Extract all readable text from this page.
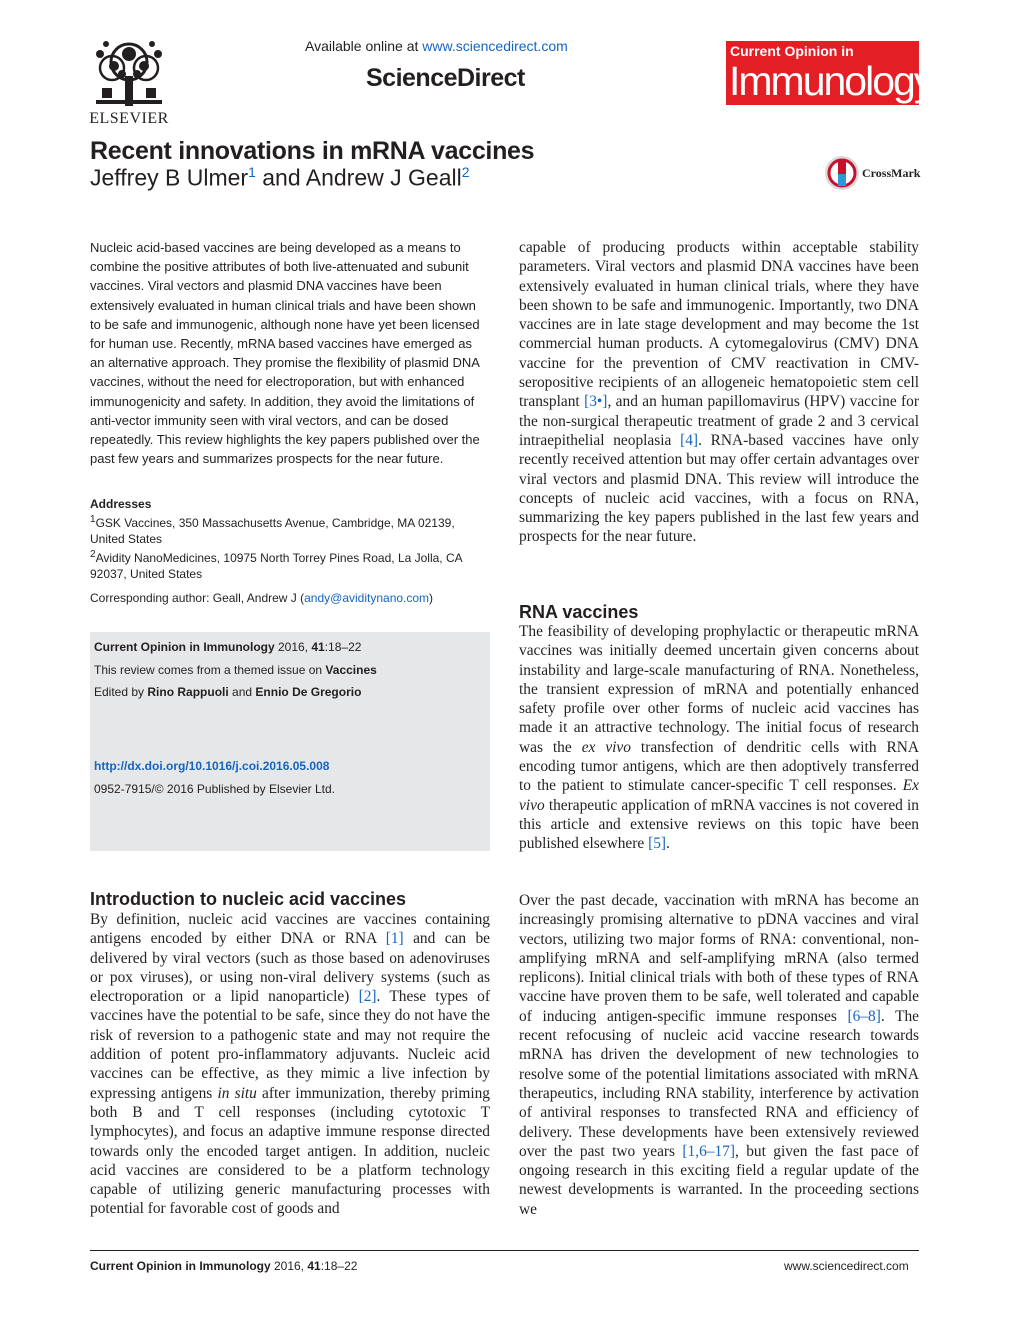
ELSEVIER
Available online at www.sciencedirect.com
ScienceDirect
Current Opinion in
Immunology
Recent innovations in mRNA vaccines
Jeffrey B Ulmer$^1$ and Andrew J Geall$^2$	CrossMark
Nucleic acid-based vaccines are being developed as a means to combine the positive attributes of both live-attenuated and subunit vaccines. Viral vectors and plasmid DNA vaccines have been extensively evaluated in human clinical trials and have been shown to be safe and immunogenic, although none have yet been licensed for human use. Recently, mRNA based vaccines have emerged as an alternative approach. They promise the flexibility of plasmid DNA vaccines, without the need for electroporation, but with enhanced immunogenicity and safety. In addition, they avoid the limitations of anti-vector immunity seen with viral vectors, and can be dosed repeatedly. This review highlights the key papers published over the past few years and summarizes prospects for the near future.
Addresses
$^1$GSK Vaccines, 350 Massachusetts Avenue, Cambridge, MA 02139, United States
$^2$Avidity NanoMedicines, 10975 North Torrey Pines Road, La Jolla, CA 92037, United States
Corresponding author: Geall, Andrew J (andy@aviditynano.com)
Current Opinion in Immunology 2016, 41:18–22
This review comes from a themed issue on Vaccines
Edited by Rino Rappuoli and Ennio De Gregorio
http://dx.doi.org/10.1016/j.coi.2016.05.008
0952-7915/© 2016 Published by Elsevier Ltd.
Introduction to nucleic acid vaccines
By definition, nucleic acid vaccines are vaccines containing antigens encoded by either DNA or RNA [1] and can be delivered by viral vectors (such as those based on adenoviruses or pox viruses), or using non-viral delivery systems (such as electroporation or a lipid nanoparticle) [2]. These types of vaccines have the potential to be safe, since they do not have the risk of reversion to a pathogenic state and may not require the addition of potent pro-inflammatory adjuvants. Nucleic acid vaccines can be effective, as they mimic a live infection by expressing antigens in situ after immunization, thereby priming both B and T cell responses (including cytotoxic T lymphocytes), and focus an adaptive immune response directed towards only the encoded target antigen. In addition, nucleic acid vaccines are considered to be a platform technology capable of utilizing generic manufacturing processes with potential for favorable cost of goods and
capable of producing products within acceptable stability parameters. Viral vectors and plasmid DNA vaccines have been extensively evaluated in human clinical trials, where they have been shown to be safe and immunogenic. Importantly, two DNA vaccines are in late stage development and may become the 1st commercial human products. A cytomegalovirus (CMV) DNA vaccine for the prevention of CMV reactivation in CMV-seropositive recipients of an allogeneic hematopoietic stem cell transplant [3•], and an human papillomavirus (HPV) vaccine for the non-surgical therapeutic treatment of grade 2 and 3 cervical intraepithelial neoplasia [4]. RNA-based vaccines have only recently received attention but may offer certain advantages over viral vectors and plasmid DNA. This review will introduce the concepts of nucleic acid vaccines, with a focus on RNA, summarizing the key papers published in the last few years and prospects for the near future.
RNA vaccines
The feasibility of developing prophylactic or therapeutic mRNA vaccines was initially deemed uncertain given concerns about instability and large-scale manufacturing of RNA. Nonetheless, the transient expression of mRNA and potentially enhanced safety profile over other forms of nucleic acid vaccines has made it an attractive technology. The initial focus of research was the ex vivo transfection of dendritic cells with RNA encoding tumor antigens, which are then adoptively transferred to the patient to stimulate cancer-specific T cell responses. Ex vivo therapeutic application of mRNA vaccines is not covered in this article and extensive reviews on this topic have been published elsewhere [5].
Over the past decade, vaccination with mRNA has become an increasingly promising alternative to pDNA vaccines and viral vectors, utilizing two major forms of RNA: conventional, non-amplifying mRNA and self-amplifying mRNA (also termed replicons). Initial clinical trials with both of these types of RNA vaccine have proven them to be safe, well tolerated and capable of inducing antigen-specific immune responses [6–8]. The recent refocusing of nucleic acid vaccine research towards mRNA has driven the development of new technologies to resolve some of the potential limitations associated with mRNA therapeutics, including RNA stability, interference by activation of antiviral responses to transfected RNA and efficiency of delivery. These developments have been extensively reviewed over the past two years [1,6–17], but given the fast pace of ongoing research in this exciting field a regular update of the newest developments is warranted. In the proceeding sections we
Current Opinion in Immunology 2016, 41:18–22	www.sciencedirect.com
